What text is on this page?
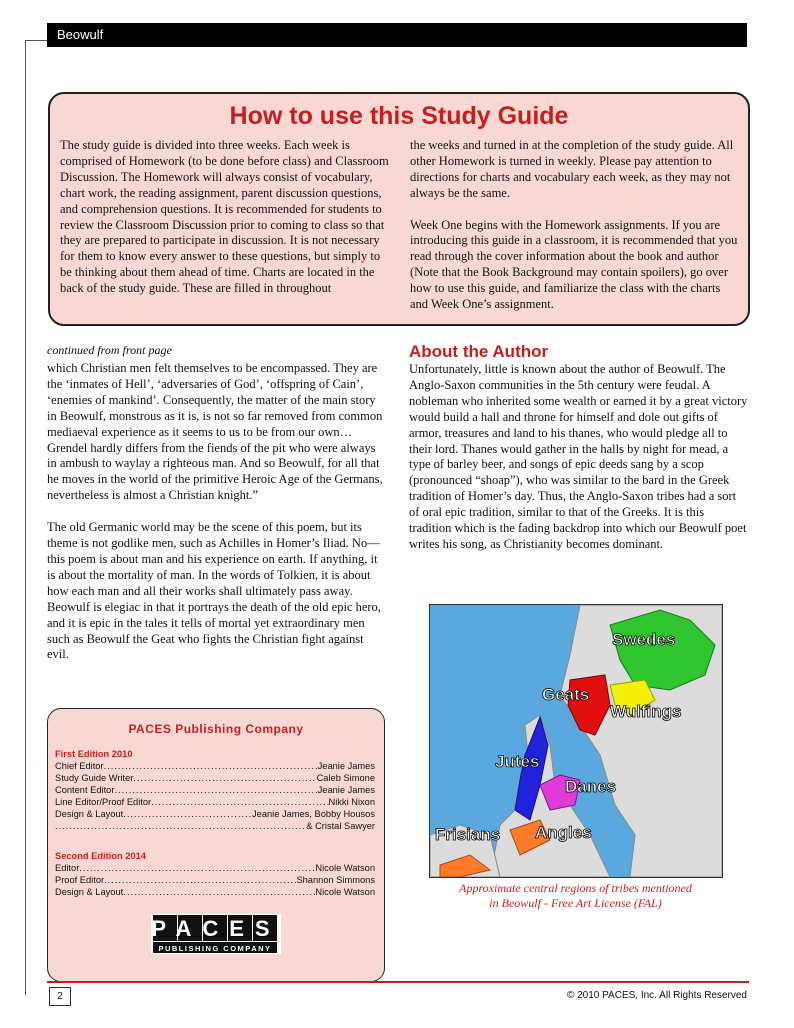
Beowulf
How to use this Study Guide

The study guide is divided into three weeks. Each week is comprised of Homework (to be done before class) and Classroom Discussion. The Homework will always consist of vocabulary, chart work, the reading assignment, parent discussion questions, and comprehension questions. It is recommended for students to review the Classroom Discussion prior to coming to class so that they are prepared to participate in discussion. It is not necessary for them to know every answer to these questions, but simply to be thinking about them ahead of time. Charts are located in the back of the study guide. These are filled in throughout

the weeks and turned in at the completion of the study guide. All other Homework is turned in weekly. Please pay attention to directions for charts and vocabulary each week, as they may not always be the same.

Week One begins with the Homework assignments. If you are introducing this guide in a classroom, it is recommended that you read through the cover information about the book and author (Note that the Book Background may contain spoilers), go over how to use this guide, and familiarize the class with the charts and Week One’s assignment.

continued from front page

which Christian men felt themselves to be encompassed. They are the ‘inmates of Hell’, ‘adversaries of God’, ‘offspring of Cain’, ‘enemies of mankind’. Consequently, the matter of the main story in Beowulf, monstrous as it is, is not so far removed from common mediaeval experience as it seems to us to be from our own… Grendel hardly differs from the fiends of the pit who were always in ambush to waylay a righteous man. And so Beowulf, for all that he moves in the world of the primitive Heroic Age of the Germans, nevertheless is almost a Christian knight.”

The old Germanic world may be the scene of this poem, but its theme is not godlike men, such as Achilles in Homer’s Iliad. No—this poem is about man and his experience on earth. If anything, it is about the mortality of man. In the words of Tolkien, it is about how each man and all their works shall ultimately pass away. Beowulf is elegiac in that it portrays the death of the old epic hero, and it is epic in the tales it tells of mortal yet extraordinary men such as Beowulf the Geat who fights the Christian fight against evil.

About the Author

Unfortunately, little is known about the author of Beowulf. The Anglo-Saxon communities in the 5th century were feudal. A nobleman who inherited some wealth or earned it by a great victory would build a hall and throne for himself and dole out gifts of armor, treasures and land to his thanes, who would pledge all to their lord. Thanes would gather in the halls by night for mead, a type of barley beer, and songs of epic deeds sang by a scop (pronounced “shoap”), who was similar to the bard in the Greek tradition of Homer’s day. Thus, the Anglo-Saxon tribes had a sort of oral epic tradition, similar to that of the Greeks. It is this tradition which is the fading backdrop into which our Beowulf poet writes his song, as Christianity becomes dominant.

Swedes
Geats
Wulfings
Jutes
Danes
Frisians Angles
Approximate central regions of tribes mentioned
in Beowulf - Free Art License (FAL)
PACES Publishing Company
First Edition 2010
Chief Editor .....	Jeanie James
Study Guide Writer .....	Caleb Simone
Content Editor .....	Jeanie James
Line Editor/Proof Editor .....	Nikki Nixon
Design & Layout .....	Jeanie James, Bobby Housos
.....
& Cristal Sawyer
Second Edition 2014
Editor .....	Nicole Watson
Proof Editor .....	Shannon Simmons
Design & Layout .....	Nicole Watson
PACES
PUBLISHING COMPANY
2	© 2010 PACES, Inc. All Rights Reserved
